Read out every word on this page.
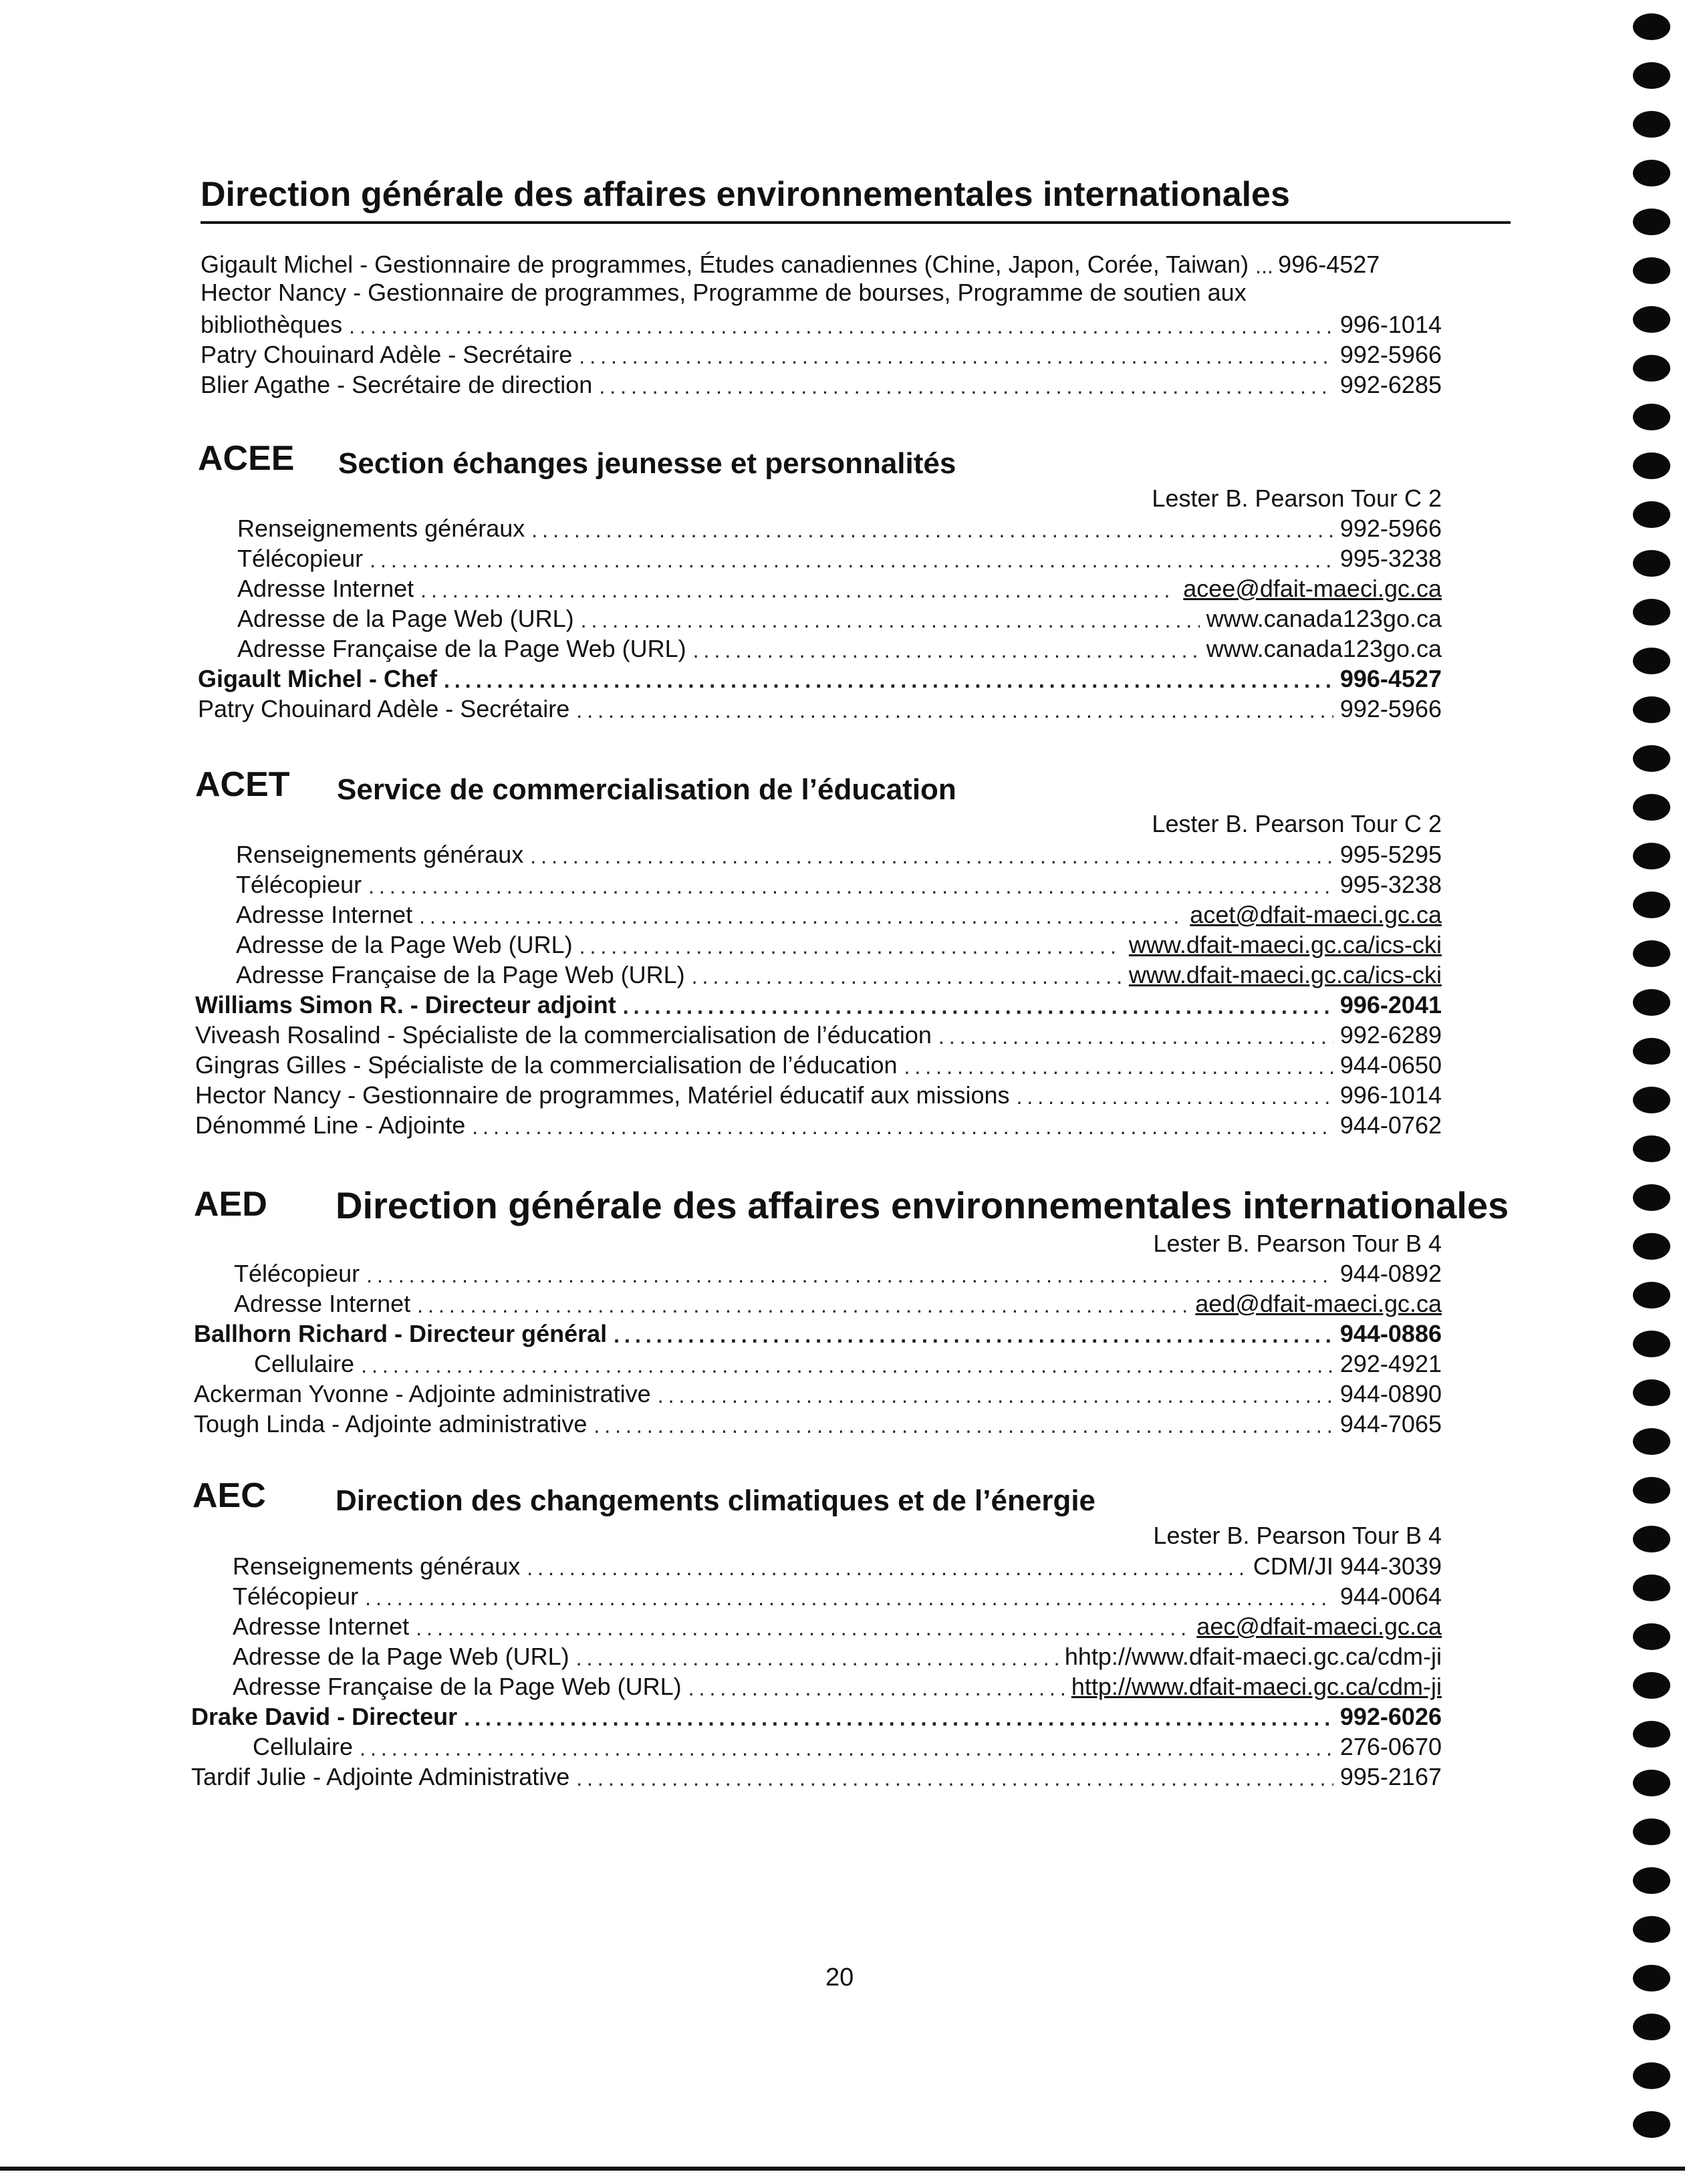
Direction générale des affaires environnementales internationales
Gigault Michel - Gestionnaire de programmes, Études canadiennes (Chine, Japon, Corée, Taiwan) ..... 996-4527
Hector Nancy - Gestionnaire de programmes, Programme de bourses, Programme de soutien aux
bibliothèques .....	996-1014
Patry Chouinard Adèle - Secrétaire .....	992-5966
Blier Agathe - Secrétaire de direction .....	992-6285
ACEE Section échanges jeunesse et personnalités
Lester B. Pearson Tour C 2
Renseignements généraux .....	992-5966
Télécopieur .....	995-3238
Adresse Internet .....	acee@dfait-maeci.gc.ca
Adresse de la Page Web (URL) .....	www.canada123go.ca
Adresse Française de la Page Web (URL) .....	www.canada123go.ca
Gigault Michel - Chef .....	996-4527
Patry Chouinard Adèle - Secrétaire .....	992-5966
ACET Service de commercialisation de l’éducation
Lester B. Pearson Tour C 2
Renseignements généraux .....	995-5295
Télécopieur .....	995-3238
Adresse Internet .....	acet@dfait-maeci.gc.ca
Adresse de la Page Web (URL) .....	www.dfait-maeci.gc.ca/ics-cki
Adresse Française de la Page Web (URL) .....	www.dfait-maeci.gc.ca/ics-cki
Williams Simon R. - Directeur adjoint .....	996-2041
Viveash Rosalind - Spécialiste de la commercialisation de l’éducation .....	992-6289
Gingras Gilles - Spécialiste de la commercialisation de l’éducation .....	944-0650
Hector Nancy - Gestionnaire de programmes, Matériel éducatif aux missions .....	996-1014
Dénommé Line - Adjointe .....	944-0762
AED Direction générale des affaires environnementales internationales
Lester B. Pearson Tour B 4
Télécopieur .....	944-0892
Adresse Internet .....	aed@dfait-maeci.gc.ca
Ballhorn Richard - Directeur général .....	944-0886
Cellulaire .....	292-4921
Ackerman Yvonne - Adjointe administrative .....	944-0890
Tough Linda - Adjointe administrative .....	944-7065
AEC Direction des changements climatiques et de l’énergie
Lester B. Pearson Tour B 4
Renseignements généraux .....	CDM/JI 944-3039
Télécopieur .....	944-0064
Adresse Internet .....	aec@dfait-maeci.gc.ca
Adresse de la Page Web (URL) .....	hhtp://www.dfait-maeci.gc.ca/cdm-ji
Adresse Française de la Page Web (URL) .....	http://www.dfait-maeci.gc.ca/cdm-ji
Drake David - Directeur .....	992-6026
Cellulaire .....	276-0670
Tardif Julie - Adjointe Administrative .....	995-2167
20
